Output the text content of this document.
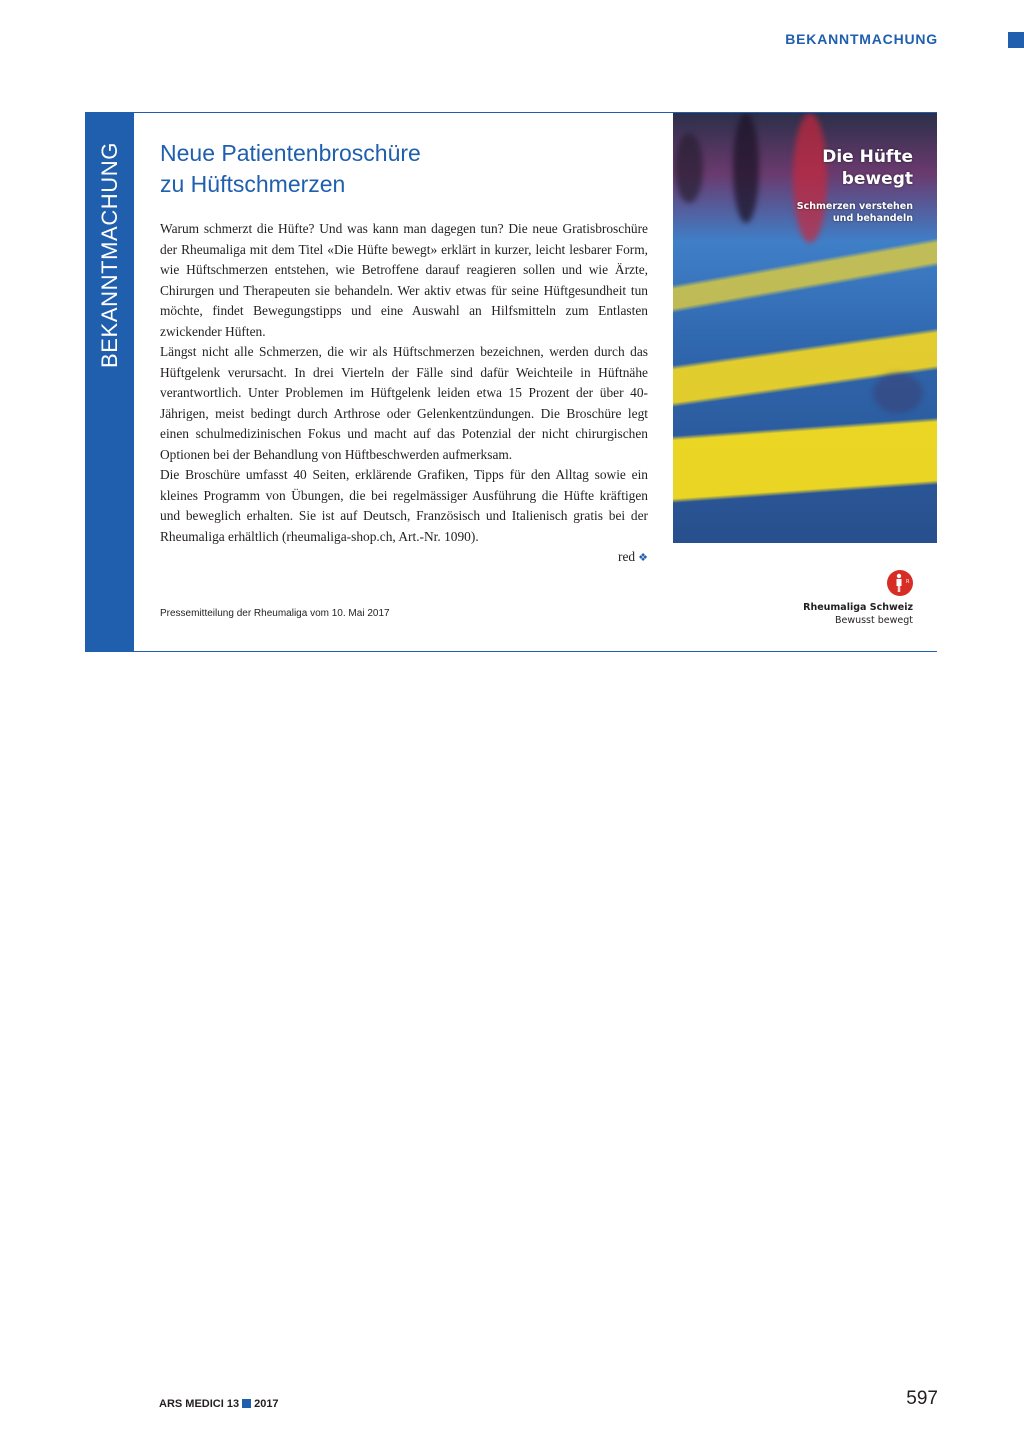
BEKANNTMACHUNG
BEKANNTMACHUNG Neue Patientenbroschüre
zu Hüftschmerzen

Warum schmerzt die Hüfte? Und was kann man dagegen tun? Die neue Gratisbroschüre der Rheumaliga mit dem Titel «Die Hüfte bewegt» erklärt in kurzer, leicht lesbarer Form, wie Hüftschmerzen entstehen, wie Betroffene darauf reagieren sollen und wie Ärzte, Chirurgen und Therapeuten sie behandeln. Wer aktiv etwas für seine Hüftgesundheit tun möchte, findet Bewegungstipps und eine Auswahl an Hilfsmitteln zum Entlasten zwickender Hüften.

Längst nicht alle Schmerzen, die wir als Hüftschmerzen bezeichnen, werden durch das Hüftgelenk verursacht. In drei Vierteln der Fälle sind dafür Weichteile in Hüftnähe verantwortlich. Unter Problemen im Hüftgelenk leiden etwa 15 Prozent der über 40-Jährigen, meist bedingt durch Arthrose oder Gelenkentzündungen. Die Broschüre legt einen schulmedizinischen Fokus und macht auf das Potenzial der nicht chirurgischen Optionen bei der Behandlung von Hüftbeschwerden aufmerksam.

Die Broschüre umfasst 40 Seiten, erklärende Grafiken, Tipps für den Alltag sowie ein kleines Programm von Übungen, die bei regelmässiger Ausführung die Hüfte kräftigen und beweglich erhalten. Sie ist auf Deutsch, Französisch und Italienisch gratis bei der Rheumaliga erhältlich (rheumaliga-shop.ch, Art.-Nr. 1090).

red ❖

Pressemitteilung der Rheumaliga vom 10. Mai 2017
Die Hüfte
bewegt
Schmerzen verstehen
und behandeln
R
Rheumaliga Schweiz
Bewusst bewegt
ARS MEDICI 13 2017	597
